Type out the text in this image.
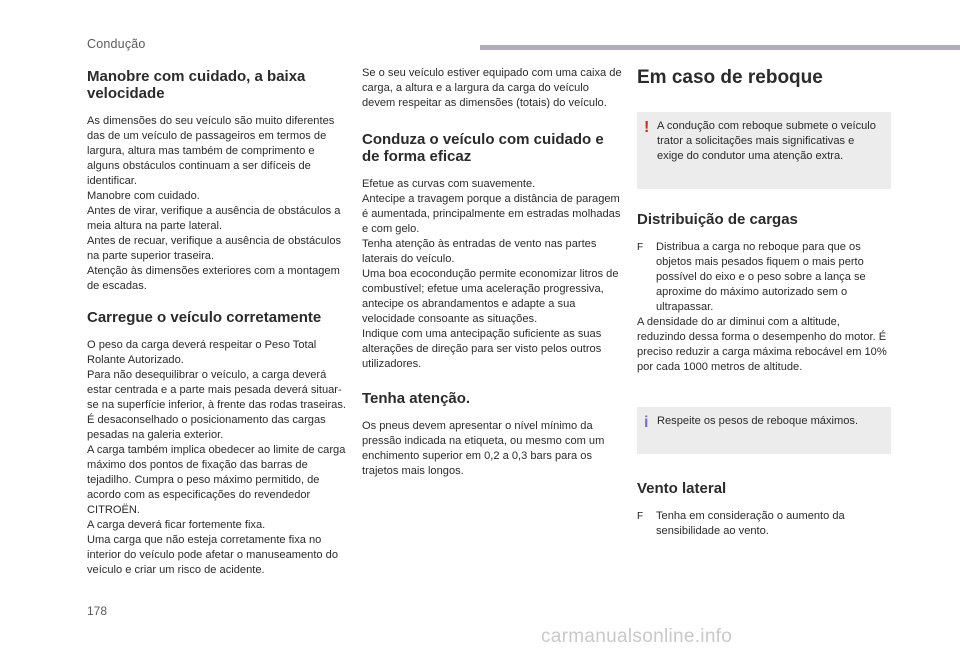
Condução
Manobre com cuidado, a baixa velocidade

As dimensões do seu veículo são muito diferentes das de um veículo de passageiros em termos de largura, altura mas também de comprimento e alguns obstáculos continuam a ser difíceis de identificar.

Manobre com cuidado.

Antes de virar, verifique a ausência de obstáculos a meia altura na parte lateral.

Antes de recuar, verifique a ausência de obstáculos na parte superior traseira.

Atenção às dimensões exteriores com a montagem de escadas.

Carregue o veículo corretamente

O peso da carga deverá respeitar o Peso Total Rolante Autorizado.

Para não desequilibrar o veículo, a carga deverá estar centrada e a parte mais pesada deverá situar-se na superfície inferior, à frente das rodas traseiras.

É desaconselhado o posicionamento das cargas pesadas na galeria exterior.

A carga também implica obedecer ao limite de carga máximo dos pontos de fixação das barras de tejadilho. Cumpra o peso máximo permitido, de acordo com as especificações do revendedor CITROËN.

A carga deverá ficar fortemente fixa.

Uma carga que não esteja corretamente fixa no interior do veículo pode afetar o manuseamento do veículo e criar um risco de acidente.

Se o seu veículo estiver equipado com uma caixa de carga, a altura e a largura da carga do veículo devem respeitar as dimensões (totais) do veículo.

Conduza o veículo com cuidado e de forma eficaz

Efetue as curvas com suavemente.

Antecipe a travagem porque a distância de paragem é aumentada, principalmente em estradas molhadas e com gelo.

Tenha atenção às entradas de vento nas partes laterais do veículo.

Uma boa ecocondução permite economizar litros de combustível; efetue uma aceleração progressiva, antecipe os abrandamentos e adapte a sua velocidade consoante as situações.

Indique com uma antecipação suficiente as suas alterações de direção para ser visto pelos outros utilizadores.

Tenha atenção.

Os pneus devem apresentar o nível mínimo da pressão indicada na etiqueta, ou mesmo com um enchimento superior em 0,2 a 0,3 bars para os trajetos mais longos.

Em caso de reboque
! A condução com reboque submete o veículo trator a solicitações mais significativas e exige do condutor uma atenção extra.

Distribuição de cargas
F	Distribua a carga no reboque para que os objetos mais pesados fiquem o mais perto possível do eixo e o peso sobre a lança se aproxime do máximo autorizado sem o ultrapassar.

A densidade do ar diminui com a altitude, reduzindo dessa forma o desempenho do motor. É preciso reduzir a carga máxima rebocável em 10% por cada 1000 metros de altitude.

i Respeite os pesos de reboque máximos.

Vento lateral
F	Tenha em consideração o aumento da sensibilidade ao vento.

178
carmanualsonline.info
